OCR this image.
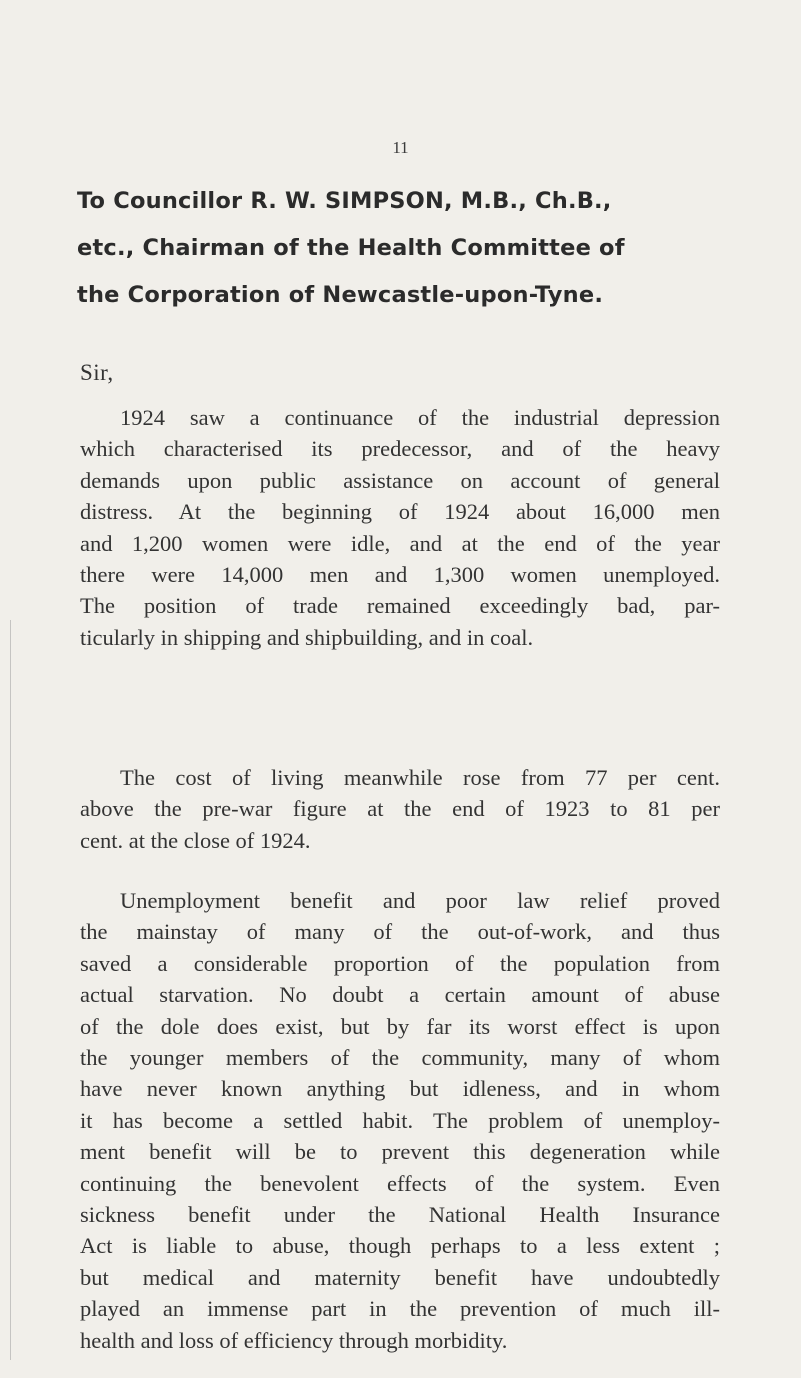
11
To Councillor R. W. SIMPSON, M.B., Ch.B.,
etc., Chairman of the Health Committee of
the Corporation of Newcastle-upon-Tyne.
Sir,
1924 saw a continuance of the industrial depression
which characterised its predecessor, and of the heavy
demands upon public assistance on account of general
distress. At the beginning of 1924 about 16,000 men
and 1,200 women were idle, and at the end of the year
there were 14,000 men and 1,300 women unemployed.
The position of trade remained exceedingly bad, par-
ticularly in shipping and shipbuilding, and in coal.
The cost of living meanwhile rose from 77 per cent.
above the pre-war figure at the end of 1923 to 81 per
cent. at the close of 1924.
Unemployment benefit and poor law relief proved
the mainstay of many of the out-of-work, and thus
saved a considerable proportion of the population from
actual starvation. No doubt a certain amount of abuse
of the dole does exist, but by far its worst effect is upon
the younger members of the community, many of whom
have never known anything but idleness, and in whom
it has become a settled habit. The problem of unemploy-
ment benefit will be to prevent this degeneration while
continuing the benevolent effects of the system. Even
sickness benefit under the National Health Insurance
Act is liable to abuse, though perhaps to a less extent ;
but medical and maternity benefit have undoubtedly
played an immense part in the prevention of much ill-
health and loss of efficiency through morbidity.
